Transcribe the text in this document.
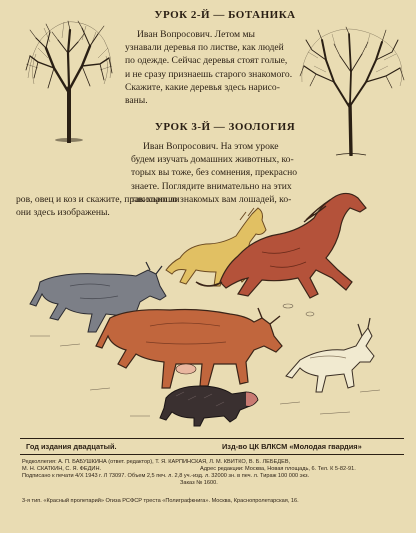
УРОК 2-Й — БОТАНИКА
Иван Вопросович. Летом мы
узнавали деревья по листве, как людей
по одежде. Сейчас деревья стоят голые,
и не сразу признаешь старого знакомого.
Скажите, какие деревья здесь нарисо-
ваны.
УРОК 3-Й — ЗООЛОГИЯ
Иван Вопросович. На этом уроке
будем изучать домашних животных, ко-
торых вы тоже, без сомнения, прекрасно
знаете. Поглядите внимательно на этих
так хорошо знакомых вам лошадей, ко-
ров, овец и коз и скажите, правильно ли
они здесь изображены.
Год издания двадцатый.	Изд-во ЦК ВЛКСМ «Молодая гвардия»
Редколлегия: А. П. БАБУШКИНА (ответ. редактор), Т. Я. КАРПИНСКАЯ, Л. М. КВИТКО, В. Б. ЛЕБЕДЕВ,
М. Н. СКАТКИН, С. Я. ФЕДИН.	Адрес редакции: Москва, Новая площадь, 6. Тел. К 5-82-91.
Подписано к печати 4/X 1943 г. Л 73097. Объем 2,5 печ. л. 2,8 уч.-изд. л. 32000 зн. в печ. л. Тираж 100 000 экз.
Заказ № 1600.
3-я тип. «Красный пролетарий» Огиза РСФСР треста «Полиграфкнига». Москва, Краснопролетарская, 16.
